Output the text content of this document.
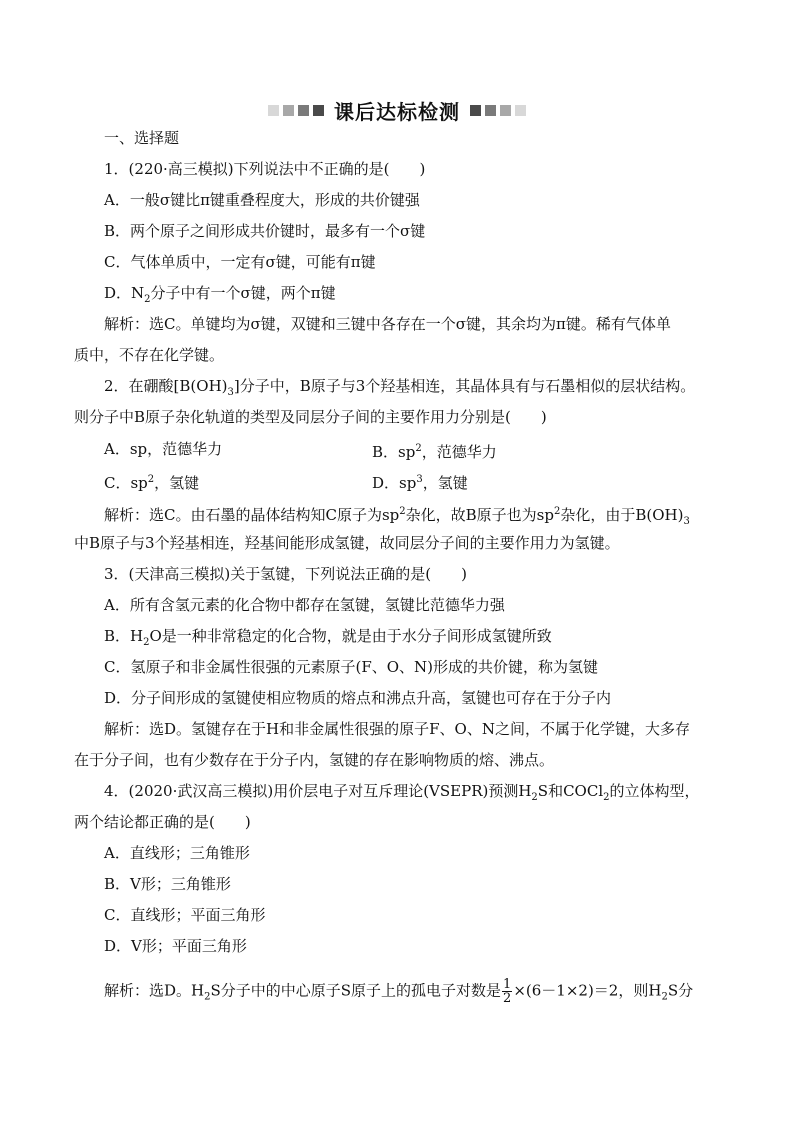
课后达标检测
一、选择题
1．(220·高三模拟)下列说法中不正确的是(　　)
A．一般σ键比π键重叠程度大，形成的共价键强
B．两个原子之间形成共价键时，最多有一个σ键
C．气体单质中，一定有σ键，可能有π键
D．$N_2$分子中有一个σ键，两个π键
解析：选C。单键均为σ键，双键和三键中各存在一个σ键，其余均为π键。稀有气体单
质中，不存在化学键。
2．在硼酸$[B(OH)_3]$分子中，B原子与3个羟基相连，其晶体具有与石墨相似的层状结构。
则分子中B原子杂化轨道的类型及同层分子间的主要作用力分别是(　　)
A．sp，范德华力	B．$sp^2$，范德华力
C．$sp^2$，氢键	D．$sp^3$，氢键
解析：选C。由石墨的晶体结构知C原子为$sp^2$杂化，故B原子也为$sp^2$杂化，由于$B(OH)_3$
中B原子与3个羟基相连，羟基间能形成氢键，故同层分子间的主要作用力为氢键。
3．(天津高三模拟)关于氢键，下列说法正确的是(　　)
A．所有含氢元素的化合物中都存在氢键，氢键比范德华力强
B．$H_2O$是一种非常稳定的化合物，就是由于水分子间形成氢键所致
C．氢原子和非金属性很强的元素原子(F、O、N)形成的共价键，称为氢键
D．分子间形成的氢键使相应物质的熔点和沸点升高，氢键也可存在于分子内
解析：选D。氢键存在于H和非金属性很强的原子F、O、N之间，不属于化学键，大多存
在于分子间，也有少数存在于分子内，氢键的存在影响物质的熔、沸点。
4．(2020·武汉高三模拟)用价层电子对互斥理论(VSEPR)预测$H_2S$和COCl$_2$的立体构型，
两个结论都正确的是(　　)
A．直线形；三角锥形
B．V形；三角锥形
C．直线形；平面三角形
D．V形；平面三角形
解析：选D。$H_2S$分子中的中心原子S原子上的孤电子对数是 $\frac{1}{2} \times(6-1\times 2)=2$，则$H_2S$分
